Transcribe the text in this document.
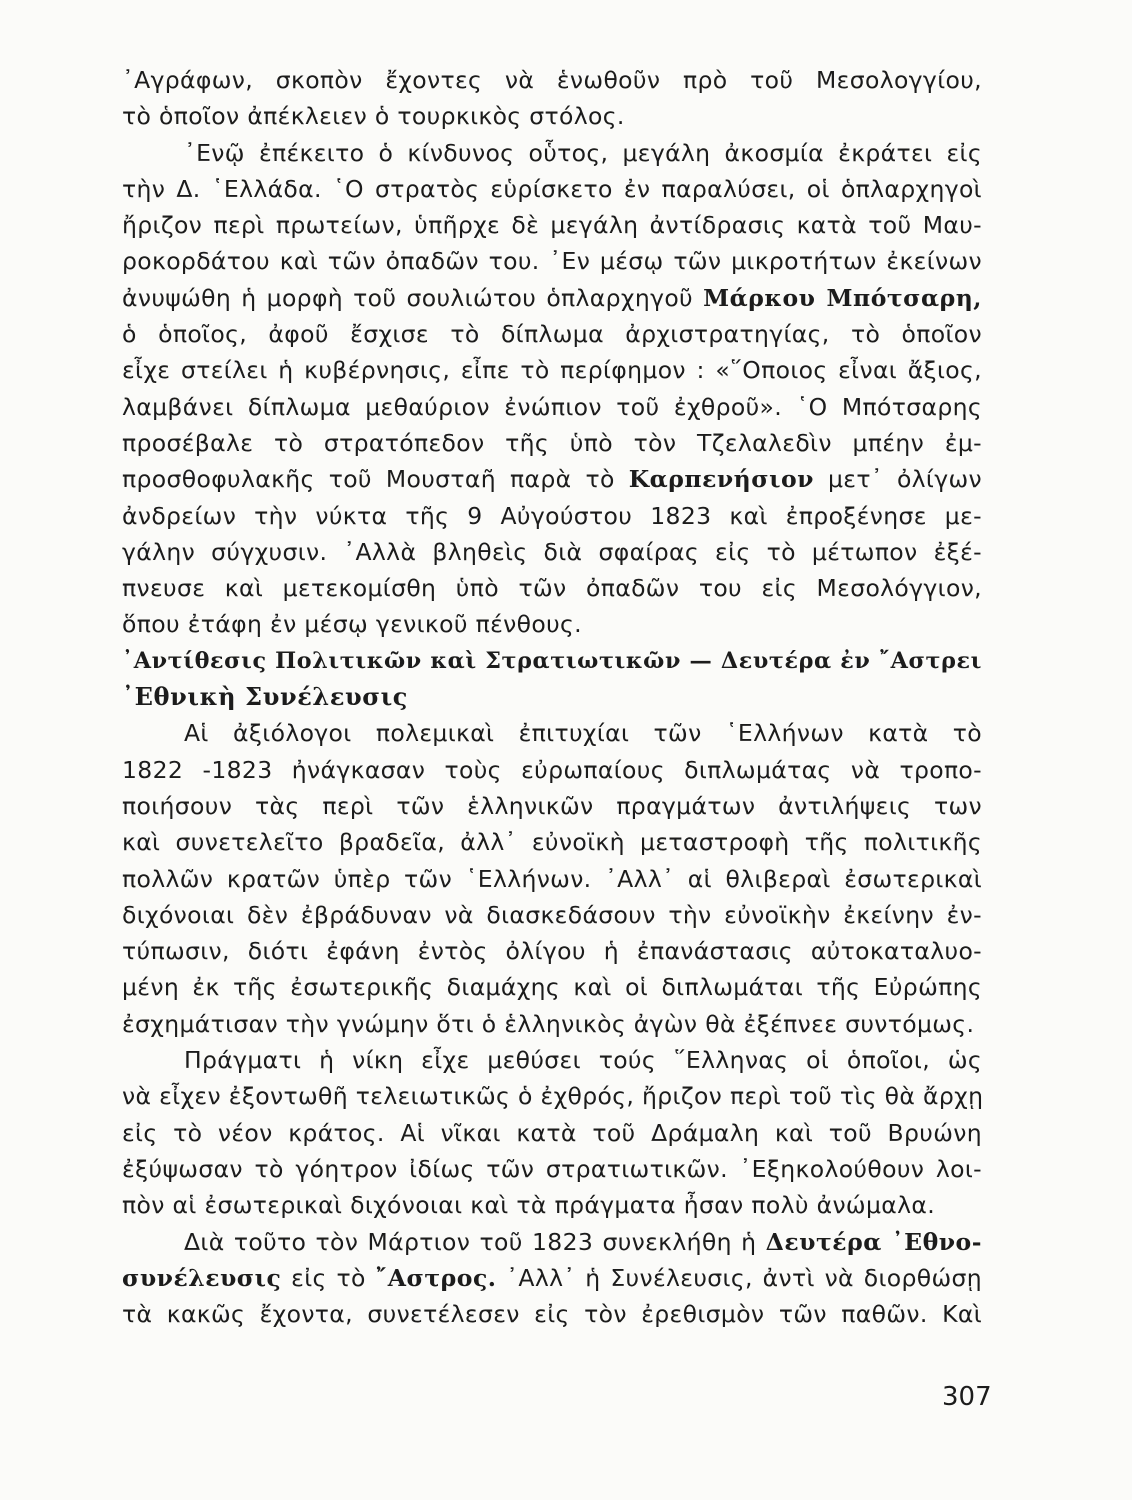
᾿Αγράφων, σκοπὸν ἔχοντες νὰ ἑνωθοῦν πρὸ τοῦ Μεσολογγίου,
τὸ ὁποῖον ἀπέκλειεν ὁ τουρκικὸς στόλος.
᾿Ενῷ ἐπέκειτο ὁ κίνδυνος οὗτος, μεγάλη ἀκοσμία ἐκράτει εἰς
τὴν Δ. ῾Ελλάδα. ῾Ο στρατὸς εὑρίσκετο ἐν παραλύσει, οἱ ὁπλαρχηγοὶ
ἤριζον περὶ πρωτείων, ὑπῆρχε δὲ μεγάλη ἀντίδρασις κατὰ τοῦ Μαυ-
ροκορδάτου καὶ τῶν ὀπαδῶν του. ᾿Εν μέσῳ τῶν μικροτήτων ἐκείνων
ἀνυψώθη ἡ μορφὴ τοῦ σουλιώτου ὁπλαρχηγοῦ Μάρκου Μπότσαρη,
ὁ ὁποῖος, ἀφοῦ ἔσχισε τὸ δίπλωμα ἀρχιστρατηγίας, τὸ ὁποῖον
εἶχε στείλει ἡ κυβέρνησις, εἶπε τὸ περίφημον : «῞Οποιος εἶναι ἄξιος,
λαμβάνει δίπλωμα μεθαύριον ἐνώπιον τοῦ ἐχθροῦ». ῾Ο Μπότσαρης
προσέβαλε τὸ στρατόπεδον τῆς ὑπὸ τὸν Τζελαλεδὶν μπέην ἐμ-
προσθοφυλακῆς τοῦ Μουσταῆ παρὰ τὸ Καρπενήσιον μετ᾿ ὀλίγων
ἀνδρείων τὴν νύκτα τῆς 9 Αὐγούστου 1823 καὶ ἐπροξένησε με-
γάλην σύγχυσιν. ᾿Αλλὰ βληθεὶς διὰ σφαίρας εἰς τὸ μέτωπον ἐξέ-
πνευσε καὶ μετεκομίσθη ὑπὸ τῶν ὀπαδῶν του εἰς Μεσολόγγιον,
ὅπου ἐτάφη ἐν μέσῳ γενικοῦ πένθους.
᾿Αντίθεσις Πολιτικῶν καὶ Στρατιωτικῶν — Δευτέρα ἐν ῎Αστρει
᾿Εθνικὴ Συνέλευσις
Αἱ ἀξιόλογοι πολεμικαὶ ἐπιτυχίαι τῶν ῾Ελλήνων κατὰ τὸ
1822 -1823 ἠνάγκασαν τοὺς εὐρωπαίους διπλωμάτας νὰ τροπο-
ποιήσουν τὰς περὶ τῶν ἑλληνικῶν πραγμάτων ἀντιλήψεις των
καὶ συνετελεῖτο βραδεῖα, ἀλλ᾿ εὐνοϊκὴ μεταστροφὴ τῆς πολιτικῆς
πολλῶν κρατῶν ὑπὲρ τῶν ῾Ελλήνων. ᾿Αλλ᾿ αἱ θλιβεραὶ ἐσωτερικαὶ
διχόνοιαι δὲν ἐβράδυναν νὰ διασκεδάσουν τὴν εὐνοϊκὴν ἐκείνην ἐν-
τύπωσιν, διότι ἐφάνη ἐντὸς ὀλίγου ἡ ἐπανάστασις αὐτοκαταλυο-
μένη ἐκ τῆς ἐσωτερικῆς διαμάχης καὶ οἱ διπλωμάται τῆς Εὐρώπης
ἐσχημάτισαν τὴν γνώμην ὅτι ὁ ἑλληνικὸς ἀγὼν θὰ ἐξέπνεε συντόμως.
Πράγματι ἡ νίκη εἶχε μεθύσει τούς ῞Ελληνας οἱ ὁποῖοι, ὡς
νὰ εἶχεν ἐξοντωθῆ τελειωτικῶς ὁ ἐχθρός, ἤριζον περὶ τοῦ τὶς θὰ ἄρχῃ
εἰς τὸ νέον κράτος. Αἱ νῖκαι κατὰ τοῦ Δράμαλη καὶ τοῦ Βρυώνη
ἐξύψωσαν τὸ γόητρον ἰδίως τῶν στρατιωτικῶν. ᾿Εξηκολούθουν λοι-
πὸν αἱ ἐσωτερικαὶ διχόνοιαι καὶ τὰ πράγματα ἦσαν πολὺ ἀνώμαλα.
Διὰ τοῦτο τὸν Μάρτιον τοῦ 1823 συνεκλήθη ἡ Δευτέρα ᾿Εθνο-
συνέλευσις εἰς τὸ ῎Αστρος. ᾿Αλλ᾿ ἡ Συνέλευσις, ἀντὶ νὰ διορθώσῃ
τὰ κακῶς ἔχοντα, συνετέλεσεν εἰς τὸν ἐρεθισμὸν τῶν παθῶν. Καὶ
307
